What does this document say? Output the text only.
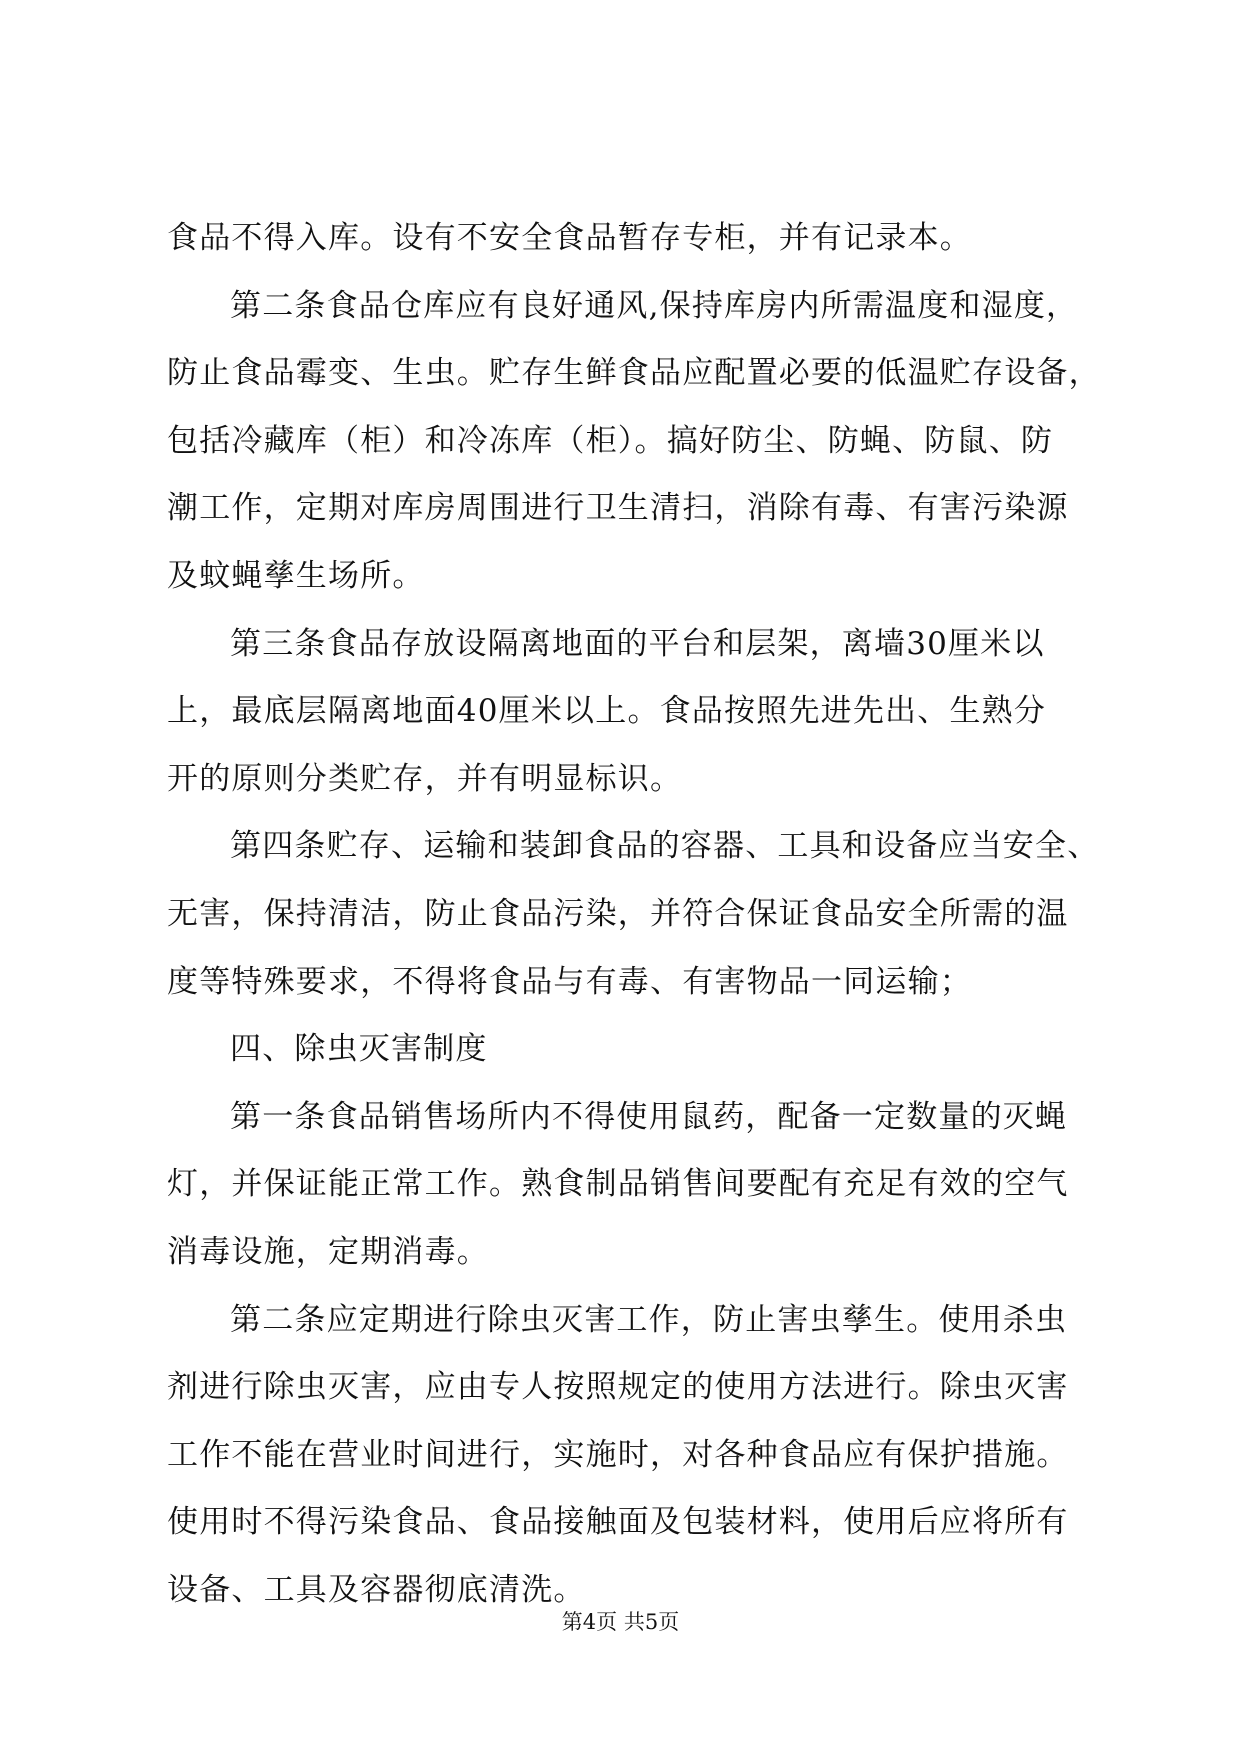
食品不得入库。设有不安全食品暂存专柜，并有记录本。
第二条食品仓库应有良好通风,保持库房内所需温度和湿度，
防止食品霉变、生虫。贮存生鲜食品应配置必要的低温贮存设备，
包括冷藏库（柜）和冷冻库（柜）。搞好防尘、防蝇、防鼠、防
潮工作，定期对库房周围进行卫生清扫，消除有毒、有害污染源
及蚊蝇孳生场所。
第三条食品存放设隔离地面的平台和层架，离墙30厘米以
上，最底层隔离地面40厘米以上。食品按照先进先出、生熟分
开的原则分类贮存，并有明显标识。
第四条贮存、运输和装卸食品的容器、工具和设备应当安全、
无害，保持清洁，防止食品污染，并符合保证食品安全所需的温
度等特殊要求，不得将食品与有毒、有害物品一同运输；
四、除虫灭害制度
第一条食品销售场所内不得使用鼠药，配备一定数量的灭蝇
灯，并保证能正常工作。熟食制品销售间要配有充足有效的空气
消毒设施，定期消毒。
第二条应定期进行除虫灭害工作，防止害虫孳生。使用杀虫
剂进行除虫灭害，应由专人按照规定的使用方法进行。除虫灭害
工作不能在营业时间进行，实施时，对各种食品应有保护措施。
使用时不得污染食品、食品接触面及包装材料，使用后应将所有
设备、工具及容器彻底清洗。
第4页 共5页
